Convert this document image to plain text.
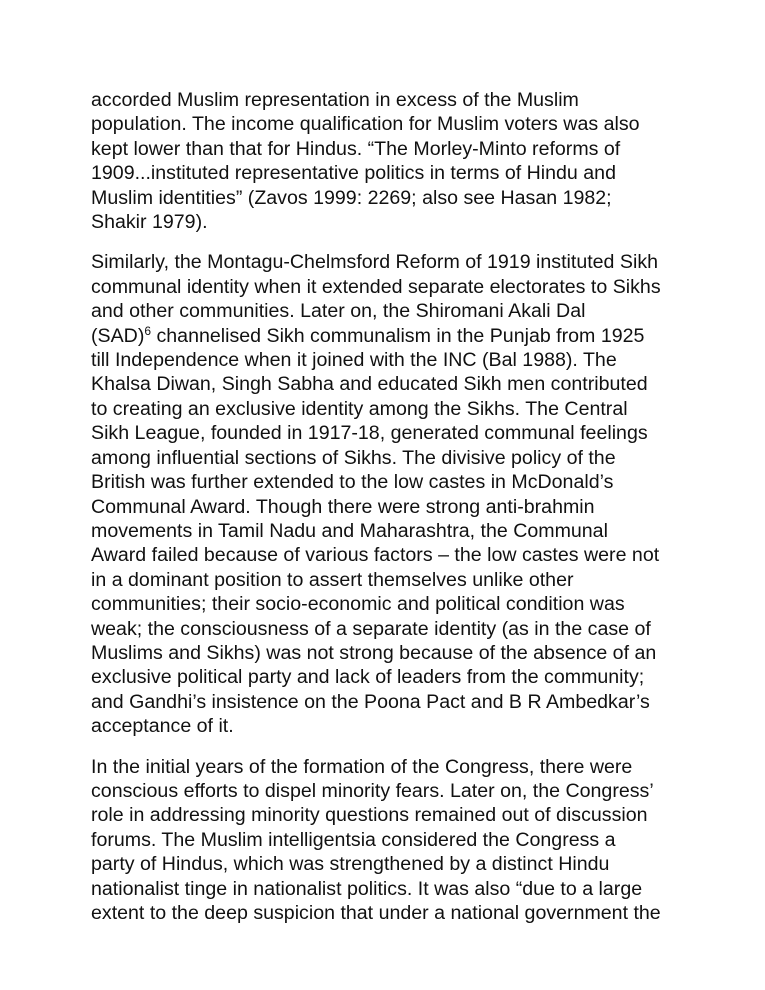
accorded Muslim representation in excess of the Muslim
population. The income qualification for Muslim voters was also
kept lower than that for Hindus. “The Morley-Minto reforms of
1909...instituted representative politics in terms of Hindu and
Muslim identities” (Zavos 1999: 2269; also see Hasan 1982;
Shakir 1979).

Similarly, the Montagu-Chelmsford Reform of 1919 instituted Sikh
communal identity when it extended separate electorates to Sikhs
and other communities. Later on, the Shiromani Akali Dal
(SAD)$^6$ channelised Sikh communalism in the Punjab from 1925
till Independence when it joined with the INC (Bal 1988). The
Khalsa Diwan, Singh Sabha and educated Sikh men contributed
to creating an exclusive identity among the Sikhs. The Central
Sikh League, founded in 1917-18, generated communal feelings
among influential sections of Sikhs. The divisive policy of the
British was further extended to the low castes in McDonald’s
Communal Award. Though there were strong anti-brahmin
movements in Tamil Nadu and Maharashtra, the Communal
Award failed because of various factors – the low castes were not
in a dominant position to assert themselves unlike other
communities; their socio-economic and political condition was
weak; the consciousness of a separate identity (as in the case of
Muslims and Sikhs) was not strong because of the absence of an
exclusive political party and lack of leaders from the community;
and Gandhi’s insistence on the Poona Pact and B R Ambedkar’s
acceptance of it.

In the initial years of the formation of the Congress, there were
conscious efforts to dispel minority fears. Later on, the Congress’
role in addressing minority questions remained out of discussion
forums. The Muslim intelligentsia considered the Congress a
party of Hindus, which was strengthened by a distinct Hindu
nationalist tinge in nationalist politics. It was also “due to a large
extent to the deep suspicion that under a national government the
